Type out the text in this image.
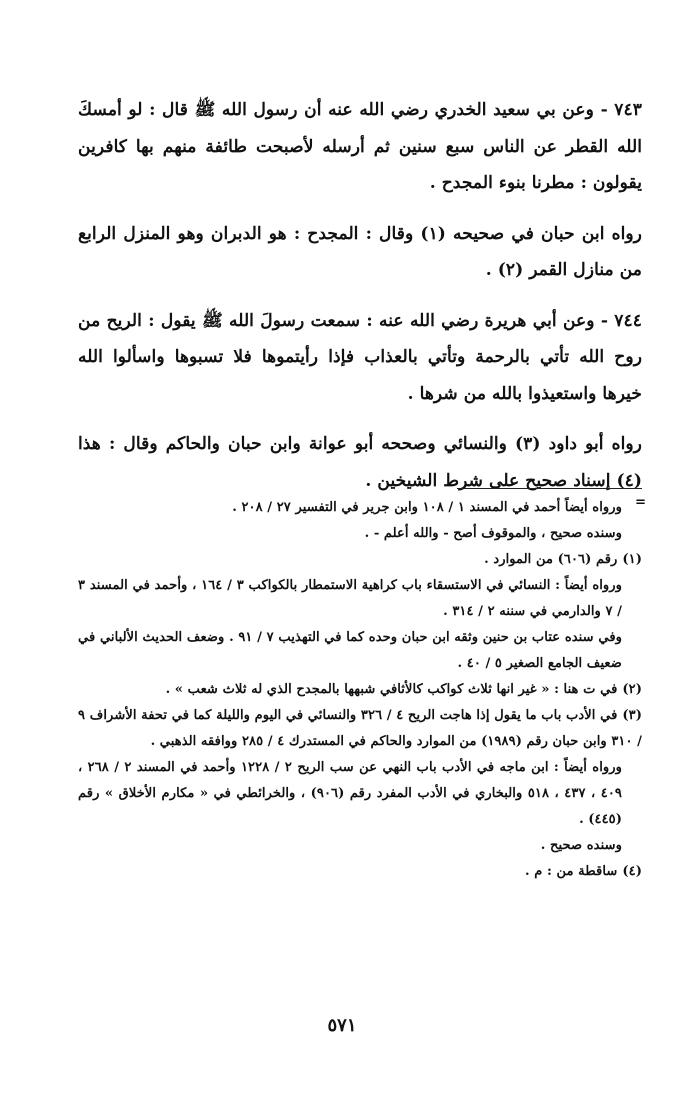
٧٤٣ - وعن بي سعيد الخدري رضي الله عنه أن رسول الله ﷺ قال : لو أمسكَ الله القطر عن الناس سبع سنين ثم أرسله لأصبحت طائفة منهم بها كافرين يقولون : مطرنا بنوء المجدح .

رواه ابن حبان في صحيحه (١) وقال : المجدح : هو الدبران وهو المنزل الرابع من منازل القمر (٢) .

٧٤٤ - وعن أبي هريرة رضي الله عنه : سمعت رسولَ الله ﷺ يقول : الريح من روح الله تأتي بالرحمة وتأتي بالعذاب فإذا رأيتموها فلا تسبوها واسألوا الله خيرها واستعيذوا بالله من شرها .

رواه أبو داود (٣) والنسائي وصححه أبو عوانة وابن حبان والحاكم وقال : هذا (٤) إسناد صحيح على شرط الشيخين .

=

ورواه أيضاً أحمد في المسند ١ / ١٠٨ وابن جرير في التفسير ٢٧ / ٢٠٨ .

وسنده صحيح ، والموقوف أصح - والله أعلم - .

(١) رقم (٦٠٦) من الموارد .

ورواه أيضاً : النسائي في الاستسقاء باب كراهية الاستمطار بالكواكب ٣ / ١٦٤ ، وأحمد في المسند ٣ / ٧ والدارمي في سننه ٢ / ٣١٤ .

وفي سنده عتاب بن حنين وثقه ابن حبان وحده كما في التهذيب ٧ / ٩١ . وضعف الحديث الألباني في ضعيف الجامع الصغير ٥ / ٤٠ .

(٢) في ت هنا : « غير انها ثلاث كواكب كالأثافي شبهها بالمجدح الذي له ثلاث شعب » .

(٣) في الأدب باب ما يقول إذا هاجت الريح ٤ / ٣٢٦ والنسائي في اليوم والليلة كما في تحفة الأشراف ٩ / ٣١٠ وابن حبان رقم (١٩٨٩) من الموارد والحاكم في المستدرك ٤ / ٢٨٥ ووافقه الذهبي .

ورواه أيضاً : ابن ماجه في الأدب باب النهي عن سب الريح ٢ / ١٢٢٨ وأحمد في المسند ٢ / ٢٦٨ ، ٤٠٩ ، ٤٣٧ ، ٥١٨ والبخاري في الأدب المفرد رقم (٩٠٦) ، والخرائطي في « مكارم الأخلاق » رقم (٤٤٥) .

وسنده صحيح .

(٤) ساقطة من : م .

٥٧١
